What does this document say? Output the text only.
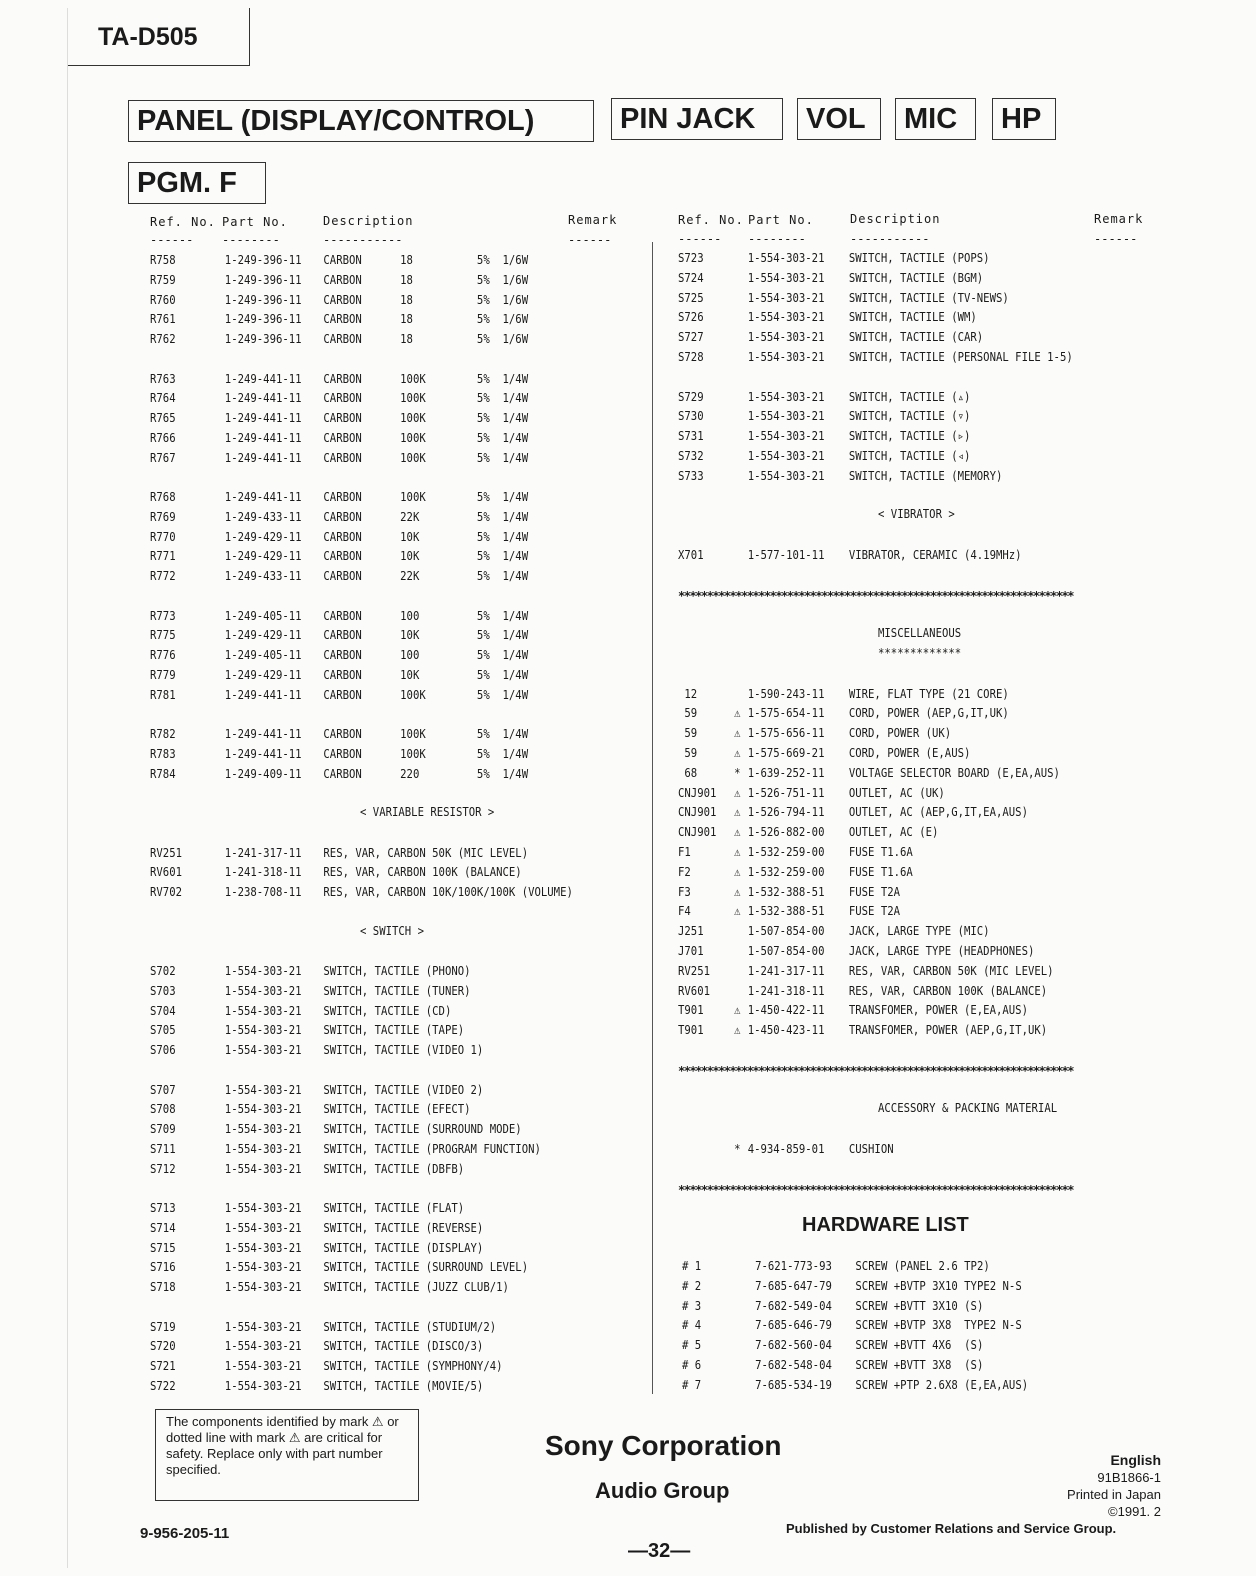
TA-D505
PANEL (DISPLAY/CONTROL)	PIN JACK	VOL	MIC	HP
PGM. F
Ref. No. Part No.	Description	Remark
------ --------	-----------	------
Ref. No. Part No.	Description	Remark
------ --------	-----------	------
R758	1-249-396-11 CARBON      18          5%  1/6W
R759	1-249-396-11 CARBON      18          5%  1/6W
R760	1-249-396-11 CARBON      18          5%  1/6W
R761	1-249-396-11 CARBON      18          5%  1/6W
R762	1-249-396-11 CARBON      18          5%  1/6W
R763	1-249-441-11 CARBON      100K        5%  1/4W
R764	1-249-441-11 CARBON      100K        5%  1/4W
R765	1-249-441-11 CARBON      100K        5%  1/4W
R766	1-249-441-11 CARBON      100K        5%  1/4W
R767	1-249-441-11 CARBON      100K        5%  1/4W
R768	1-249-441-11 CARBON      100K        5%  1/4W
R769	1-249-433-11 CARBON      22K         5%  1/4W
R770	1-249-429-11 CARBON      10K         5%  1/4W
R771	1-249-429-11 CARBON      10K         5%  1/4W
R772	1-249-433-11 CARBON      22K         5%  1/4W
R773	1-249-405-11 CARBON      100         5%  1/4W
R775	1-249-429-11 CARBON      10K         5%  1/4W
R776	1-249-405-11 CARBON      100         5%  1/4W
R779	1-249-429-11 CARBON      10K         5%  1/4W
R781	1-249-441-11 CARBON      100K        5%  1/4W
R782	1-249-441-11 CARBON      100K        5%  1/4W
R783	1-249-441-11 CARBON      100K        5%  1/4W
R784	1-249-409-11 CARBON      220         5%  1/4W
< VARIABLE RESISTOR >
RV251	1-241-317-11 RES, VAR, CARBON 50K (MIC LEVEL)
RV601	1-241-318-11 RES, VAR, CARBON 100K (BALANCE)
RV702	1-238-708-11 RES, VAR, CARBON 10K/100K/100K (VOLUME)
< SWITCH >
S702	1-554-303-21 SWITCH, TACTILE (PHONO)
S703	1-554-303-21 SWITCH, TACTILE (TUNER)
S704	1-554-303-21 SWITCH, TACTILE (CD)
S705	1-554-303-21 SWITCH, TACTILE (TAPE)
S706	1-554-303-21 SWITCH, TACTILE (VIDEO 1)
S707	1-554-303-21 SWITCH, TACTILE (VIDEO 2)
S708	1-554-303-21 SWITCH, TACTILE (EFECT)
S709	1-554-303-21 SWITCH, TACTILE (SURROUND MODE)
S711	1-554-303-21 SWITCH, TACTILE (PROGRAM FUNCTION)
S712	1-554-303-21 SWITCH, TACTILE (DBFB)
S713	1-554-303-21 SWITCH, TACTILE (FLAT)
S714	1-554-303-21 SWITCH, TACTILE (REVERSE)
S715	1-554-303-21 SWITCH, TACTILE (DISPLAY)
S716	1-554-303-21 SWITCH, TACTILE (SURROUND LEVEL)
S718	1-554-303-21 SWITCH, TACTILE (JUZZ CLUB/1)
S719	1-554-303-21 SWITCH, TACTILE (STUDIUM/2)
S720	1-554-303-21 SWITCH, TACTILE (DISCO/3)
S721	1-554-303-21 SWITCH, TACTILE (SYMPHONY/4)
S722	1-554-303-21 SWITCH, TACTILE (MOVIE/5)
S723	1-554-303-21 SWITCH, TACTILE (POPS)
S724	1-554-303-21 SWITCH, TACTILE (BGM)
S725	1-554-303-21 SWITCH, TACTILE (TV-NEWS)
S726	1-554-303-21 SWITCH, TACTILE (WM)
S727	1-554-303-21 SWITCH, TACTILE (CAR)
S728	1-554-303-21 SWITCH, TACTILE (PERSONAL FILE 1-5)
S729	1-554-303-21 SWITCH, TACTILE (▵)
S730	1-554-303-21 SWITCH, TACTILE (▿)
S731	1-554-303-21 SWITCH, TACTILE (▹)
S732	1-554-303-21 SWITCH, TACTILE (◃)
S733	1-554-303-21 SWITCH, TACTILE (MEMORY)
< VIBRATOR >
X701	1-577-101-11 VIBRATOR, CERAMIC (4.19MHz)
*********************************************************************
MISCELLANEOUS
*************
12	1-590-243-11 WIRE, FLAT TYPE (21 CORE)
59	⚠ 1-575-654-11 CORD, POWER (AEP,G,IT,UK)
59	⚠ 1-575-656-11 CORD, POWER (UK)
59	⚠ 1-575-669-21 CORD, POWER (E,AUS)
68	* 1-639-252-11 VOLTAGE SELECTOR BOARD (E,EA,AUS)
CNJ901 ⚠ 1-526-751-11 OUTLET, AC (UK)
CNJ901 ⚠ 1-526-794-11 OUTLET, AC (AEP,G,IT,EA,AUS)
CNJ901 ⚠ 1-526-882-00 OUTLET, AC (E)
F1	⚠ 1-532-259-00 FUSE T1.6A
F2	⚠ 1-532-259-00 FUSE T1.6A
F3	⚠ 1-532-388-51 FUSE T2A
F4	⚠ 1-532-388-51 FUSE T2A
J251	1-507-854-00 JACK, LARGE TYPE (MIC)
J701	1-507-854-00 JACK, LARGE TYPE (HEADPHONES)
RV251	1-241-317-11 RES, VAR, CARBON 50K (MIC LEVEL)
RV601	1-241-318-11 RES, VAR, CARBON 100K (BALANCE)
T901 ⚠ 1-450-422-11 TRANSFOMER, POWER (E,EA,AUS)
T901 ⚠ 1-450-423-11 TRANSFOMER, POWER (AEP,G,IT,UK)
*********************************************************************
ACCESSORY & PACKING MATERIAL
* 4-934-859-01 CUSHION
*********************************************************************
HARDWARE LIST
# 1	7-621-773-93 SCREW (PANEL 2.6 TP2)
# 2	7-685-647-79 SCREW +BVTP 3X10 TYPE2 N-S
# 3	7-682-549-04 SCREW +BVTT 3X10 (S)
# 4	7-685-646-79 SCREW +BVTP 3X8  TYPE2 N-S
# 5	7-682-560-04 SCREW +BVTT 4X6  (S)
# 6	7-682-548-04 SCREW +BVTT 3X8  (S)
# 7	7-685-534-19 SCREW +PTP 2.6X8 (E,EA,AUS)
The components identified by mark ⚠ or dotted line with mark ⚠ are critical for safety. Replace only with part number specified.
Sony Corporation
Audio Group
English
91B1866-1
Printed in Japan
©1991. 2
Published by Customer Relations and Service Group.
9-956-205-11
—32—
